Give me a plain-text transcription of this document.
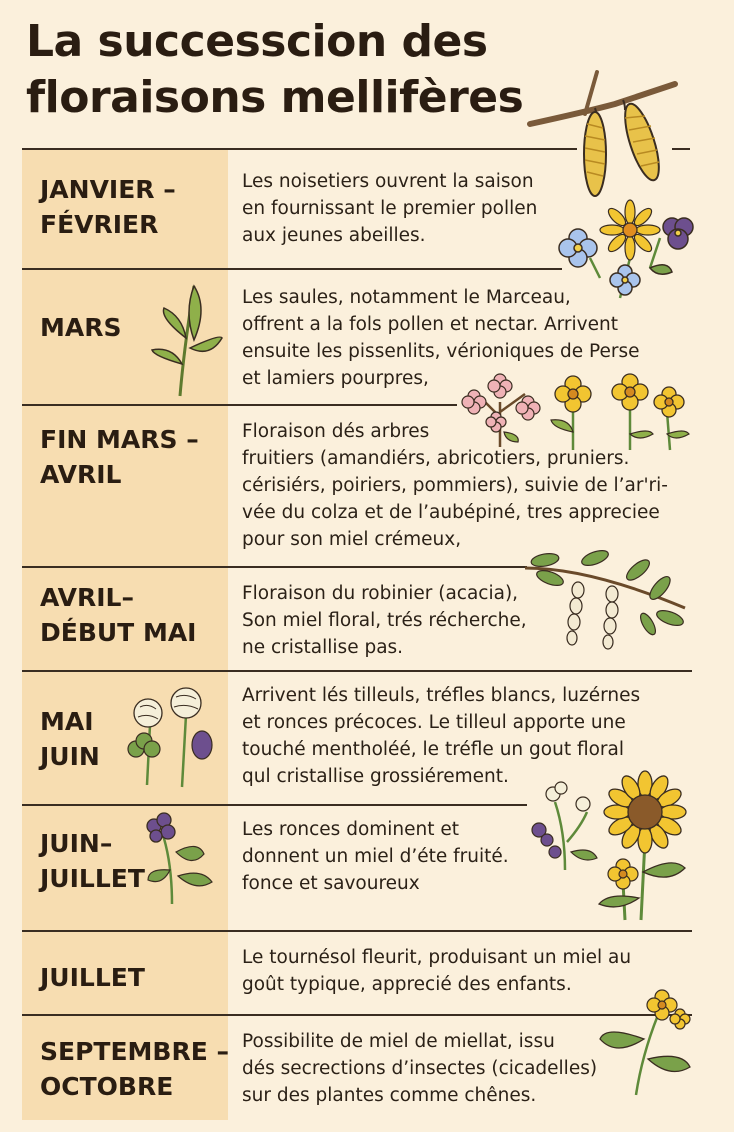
La successcion des
floraisons mellifères
JANVIER –
FÉVRIER
Les noisetiers ouvrent la saison
en fournissant le premier pollen
aux jeunes abeilles.
MARS
Les saules, notamment le Marceau,
offrent a la fols pollen et nectar. Arrivent
ensuite les pissenlits, vérioniques de Perse
et lamiers pourpres,
FIN MARS –
AVRIL
Floraison dés arbres
fruitiers (amandiérs, abricotiers, pruniers.
cérisiérs, poiriers, pommiers), suivie de l’ar'ri-
vée du colza et de l’aubépiné, tres appreciee
pour son miel crémeux,
AVRIL–
DÉBUT MAI
Floraison du robinier (acacia),
Son miel floral, trés récherche,
ne cristallise pas.
MAI
JUIN
Arrivent lés tilleuls, tréfles blancs, luzérnes
et ronces précoces. Le tilleul apporte une
touché mentholéé, le tréfle un gout floral
qul cristallise grossiérement.
JUIN–
JUILLET
Les ronces dominent et
donnent un miel d’éte fruité.
fonce et savoureux
JUILLET
Le tournésol fleurit, produisant un miel au
goût typique, apprecié des enfants.
SEPTEMBRE –
OCTOBRE
Possibilite de miel de miellat, issu
dés secrections d’insectes (cicadelles)
sur des plantes comme chênes.
